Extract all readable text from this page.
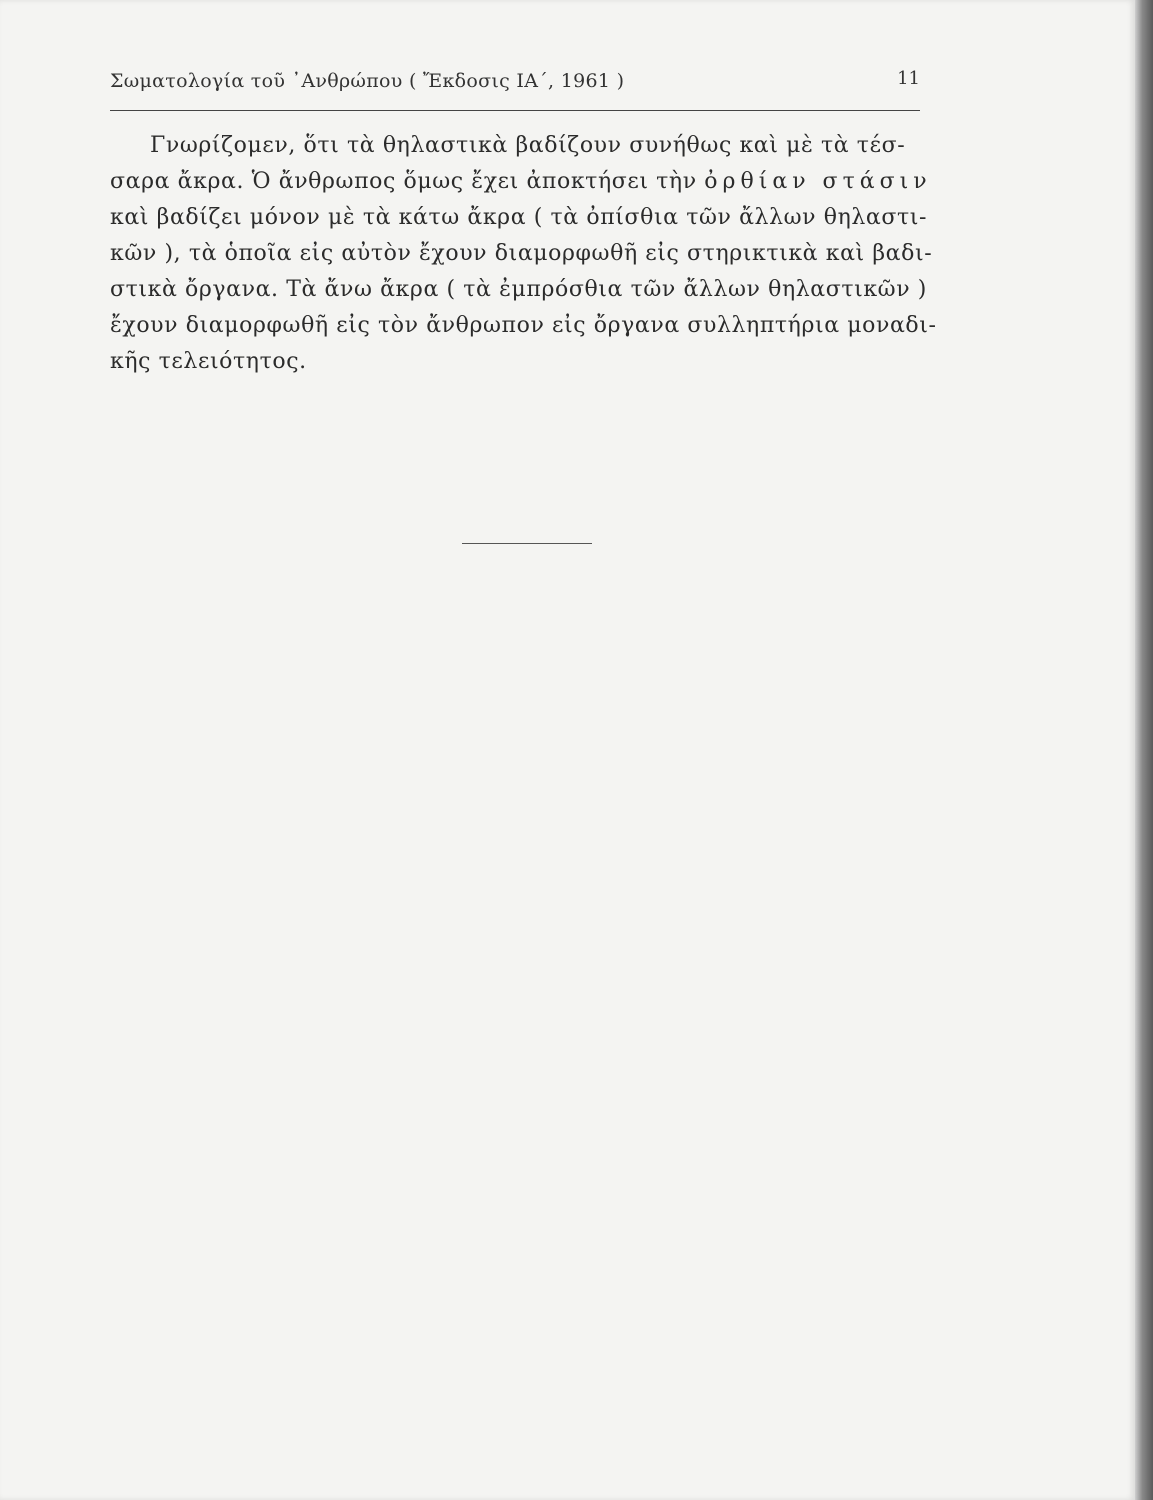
Σωματολογία τοῦ ᾿Ανθρώπου ( Ἔκδοσις ΙΑ΄, 1961 )	11
Γνωρίζομεν, ὅτι τὰ θηλαστικὰ βαδίζουν συνήθως καὶ μὲ τὰ τέσ-
σαρα ἄκρα. Ὁ ἄνθρωπος ὅμως ἔχει ἀποκτήσει τὴν ὀρθίαν στάσιν
καὶ βαδίζει μόνον μὲ τὰ κάτω ἄκρα ( τὰ ὀπίσθια τῶν ἄλλων θηλαστι-
κῶν ), τὰ ὁποῖα εἰς αὐτὸν ἔχουν διαμορφωθῆ εἰς στηρικτικὰ καὶ βαδι-
στικὰ ὄργανα. Τὰ ἄνω ἄκρα ( τὰ ἐμπρόσθια τῶν ἄλλων θηλαστικῶν )
ἔχουν διαμορφωθῆ εἰς τὸν ἄνθρωπον εἰς ὄργανα συλληπτήρια μοναδι-
κῆς τελειότητος.
